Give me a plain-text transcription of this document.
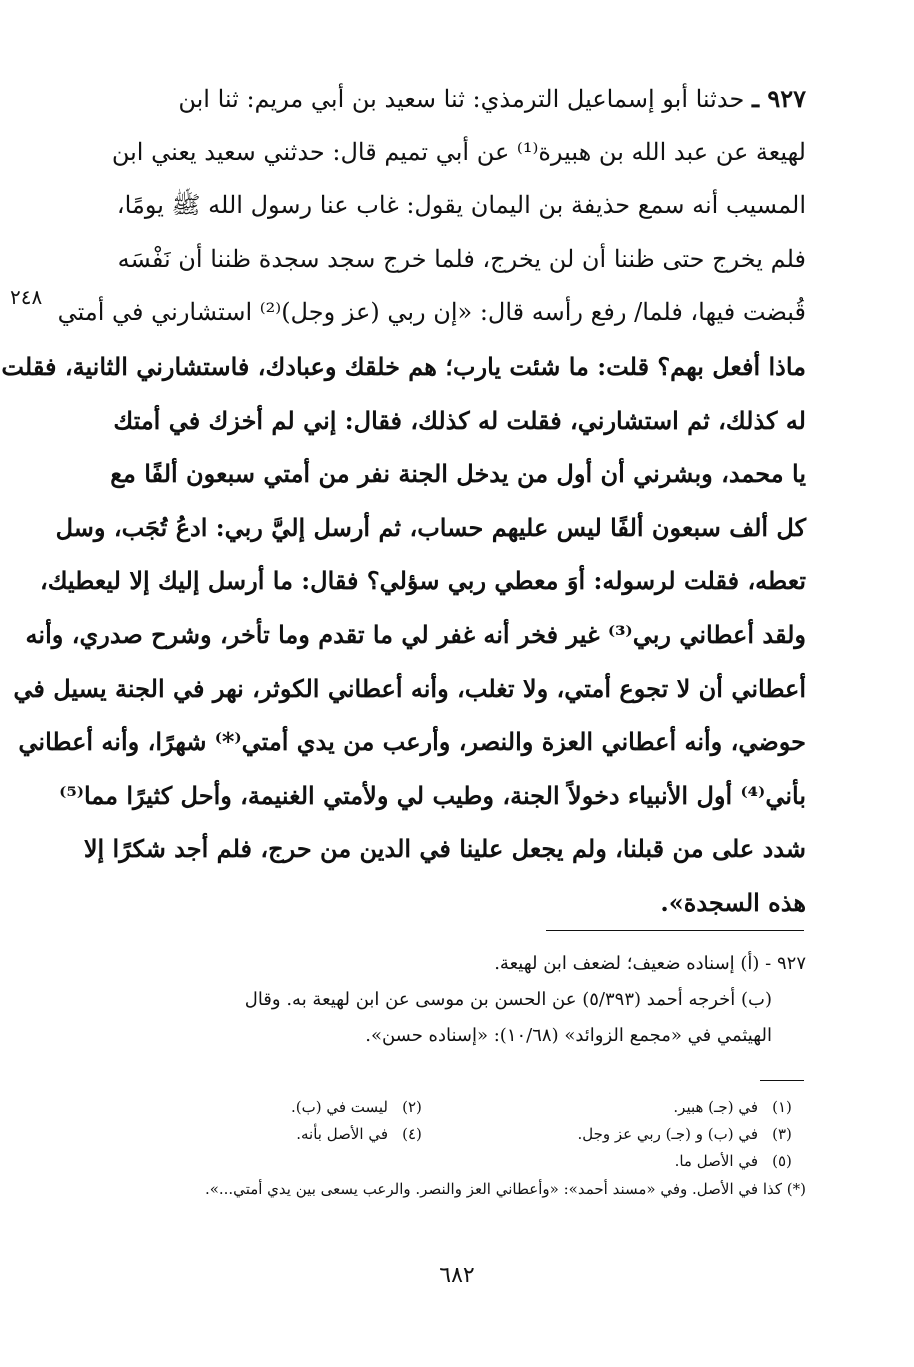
٢٤٨
٩٢٧ ـ حدثنا أبو إسماعيل الترمذي: ثنا سعيد بن أبي مريم: ثنا ابن
لهيعة عن عبد الله بن هبيرة⁽¹⁾ عن أبي تميم قال: حدثني سعيد يعني ابن
المسيب أنه سمع حذيفة بن اليمان يقول: غاب عنا رسول الله ﷺ يومًا،
فلم يخرج حتى ظننا أن لن يخرج، فلما خرج سجد سجدة ظننا أن نَفْسَه
قُبضت فيها، فلما/ رفع رأسه قال: «إن ربي (عز وجل)⁽²⁾ استشارني في أمتي
ماذا أفعل بهم؟ قلت: ما شئت يارب؛ هم خلقك وعبادك، فاستشارني الثانية، فقلت
له كذلك، ثم استشارني، فقلت له كذلك، فقال: إني لم أخزك في أمتك
يا محمد، وبشرني أن أول من يدخل الجنة نفر من أمتي سبعون ألفًا مع
كل ألف سبعون ألفًا ليس عليهم حساب، ثم أرسل إليَّ ربي: ادعُ تُجَب، وسل
تعطه، فقلت لرسوله: أوَ معطي ربي سؤلي؟ فقال: ما أرسل إليك إلا ليعطيك،
ولقد أعطاني ربي⁽³⁾ غير فخر أنه غفر لي ما تقدم وما تأخر، وشرح صدري، وأنه
أعطاني أن لا تجوع أمتي، ولا تغلب، وأنه أعطاني الكوثر، نهر في الجنة يسيل في
حوضي، وأنه أعطاني العزة والنصر، وأرعب من يدي أمتي⁽*⁾ شهرًا، وأنه أعطاني
بأني⁽⁴⁾ أول الأنبياء دخولاً الجنة، وطيب لي ولأمتي الغنيمة، وأحل كثيرًا مما⁽⁵⁾
شدد على من قبلنا، ولم يجعل علينا في الدين من حرج، فلم أجد شكرًا إلا
هذه السجدة».
٩٢٧ - (أ) إسناده ضعيف؛ لضعف ابن لهيعة.
(ب) أخرجه أحمد (٥/٣٩٣) عن الحسن بن موسى عن ابن لهيعة به. وقال
الهيثمي في «مجمع الزوائد» (١٠/٦٨): «إسناده حسن».
(١)
في (جـ) هبير.
(٢)
ليست في (ب).
(٣)
في (ب) و (جـ) ربي عز وجل.
(٤)
في الأصل بأنه.
(٥)
في الأصل ما.
(*) كذا في الأصل. وفي «مسند أحمد»: «وأعطاني العز والنصر. والرعب يسعى بين يدي أمتي...».
٦٨٢
